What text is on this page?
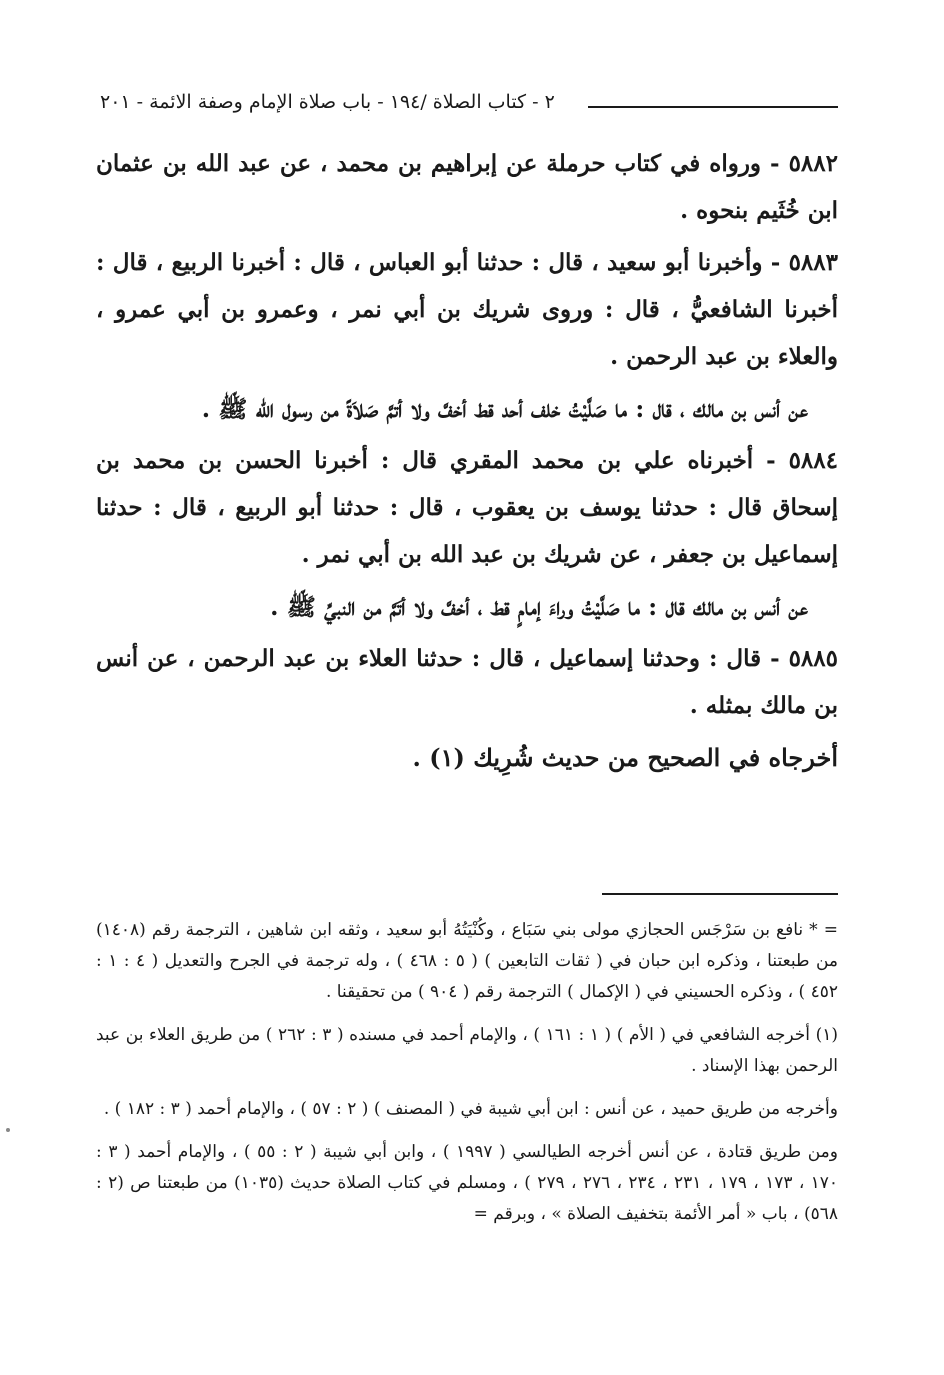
٢ - كتاب الصلاة /١٩٤ - باب صلاة الإمام وصفة الائمة - ٢٠١

٥٨٨٢ - ورواه في كتاب حرملة عن إبراهيم بن محمد ، عن عبد الله بن عثمان ابن خُثَيم بنحوه .

٥٨٨٣ - وأخبرنا أبو سعيد ، قال : حدثنا أبو العباس ، قال : أخبرنا الربيع ، قال : أخبرنا الشافعيُّ ، قال : وروى شريك بن أبي نمر ، وعمرو بن أبي عمرو ، والعلاء بن عبد الرحمن .

عن أنس بن مالك ، قال : ما صَلَّيْتُ خلف أحد قط أخفَّ ولا أتمَّ صَلاَةً من رسول الله ﷺ .

٥٨٨٤ - أخبرناه علي بن محمد المقري قال : أخبرنا الحسن بن محمد بن إسحاق قال : حدثنا يوسف بن يعقوب ، قال : حدثنا أبو الربيع ، قال : حدثنا إسماعيل بن جعفر ، عن شريك بن عبد الله بن أبي نمر .

عن أنس بن مالك قال : ما صَلَّيْتُ وراءَ إمامٍ قط ، أخفَّ ولا أتَمَّ من النبيِّ ﷺ .

٥٨٨٥ - قال : وحدثنا إسماعيل ، قال : حدثنا العلاء بن عبد الرحمن ، عن أنس بن مالك بمثله .

أخرجاه في الصحيح من حديث شُرِيك (١) .

= * نافع بن سَرْجَس الحجازي مولى بني سَبَاع ، وكُنْيَتُهُ أبو سعيد ، وثقه ابن شاهين ، الترجمة رقم (١٤٠٨) من طبعتنا ، وذكره ابن حبان في ( ثقات التابعين ) ( ٥ : ٤٦٨ ) ، وله ترجمة في الجرح والتعديل ( ٤ : ١ : ٤٥٢ ) ، وذكره الحسيني في ( الإكمال ) الترجمة رقم ( ٩٠٤ ) من تحقيقنا .

(١) أخرجه الشافعي في ( الأم ) ( ١ : ١٦١ ) ، والإمام أحمد في مسنده ( ٣ : ٢٦٢ ) من طريق العلاء بن عبد الرحمن بهذا الإسناد .

وأخرجه من طريق حميد ، عن أنس : ابن أبي شيبة في ( المصنف ) ( ٢ : ٥٧ ) ، والإمام أحمد ( ٣ : ١٨٢ ) .

ومن طريق قتادة ، عن أنس أخرجه الطيالسي ( ١٩٩٧ ) ، وابن أبي شيبة ( ٢ : ٥٥ ) ، والإمام أحمد ( ٣ : ١٧٠ ، ١٧٣ ، ١٧٩ ، ٢٣١ ، ٢٣٤ ، ٢٧٦ ، ٢٧٩ ) ، ومسلم في كتاب الصلاة حديث (١٠٣٥) من طبعتنا ص (٢ : ٥٦٨) ، باب « أمر الأئمة بتخفيف الصلاة » ، وبرقم =
